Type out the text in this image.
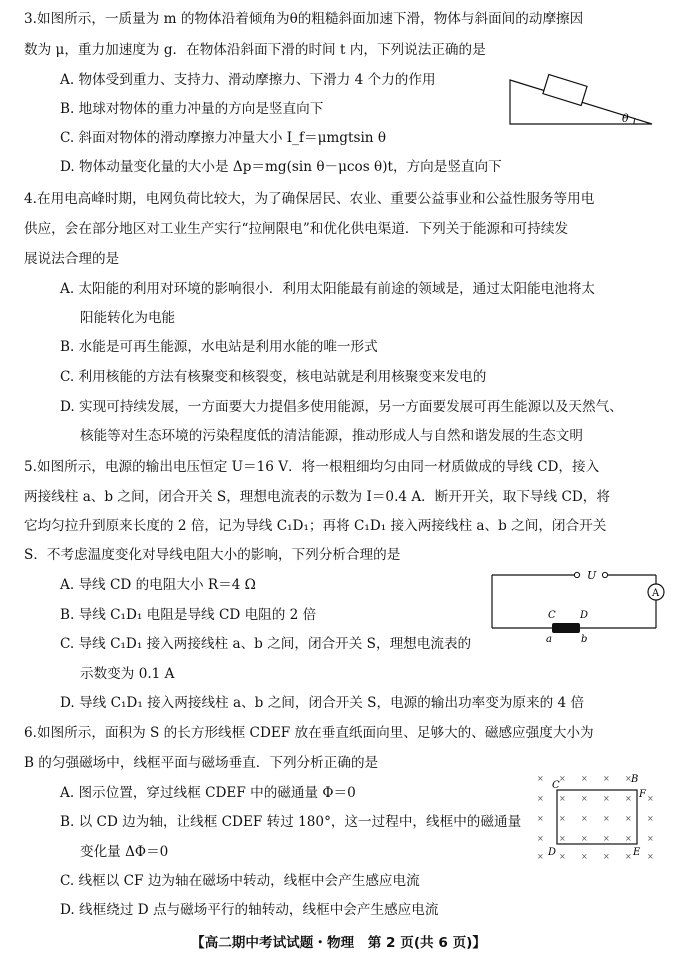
3.如图所示，一质量为 m 的物体沿着倾角为θ的粗糙斜面加速下滑，物体与斜面间的动摩擦因
数为 μ，重力加速度为 g．在物体沿斜面下滑的时间 t 内，下列说法正确的是
A. 物体受到重力、支持力、滑动摩擦力、下滑力 4 个力的作用
B. 地球对物体的重力冲量的方向是竖直向下
C. 斜面对物体的滑动摩擦力冲量大小 I_f＝μmgtsin θ
D. 物体动量变化量的大小是 Δp＝mg(sin θ－μcos θ)t，方向是竖直向下
θ
4.在用电高峰时期，电网负荷比较大，为了确保居民、农业、重要公益事业和公益性服务等用电
供应，会在部分地区对工业生产实行“拉闸限电”和优化供电渠道．下列关于能源和可持续发
展说法合理的是
A. 太阳能的利用对环境的影响很小．利用太阳能最有前途的领域是，通过太阳能电池将太
阳能转化为电能
B. 水能是可再生能源，水电站是利用水能的唯一形式
C. 利用核能的方法有核聚变和核裂变，核电站就是利用核聚变来发电的
D. 实现可持续发展，一方面要大力提倡多使用能源，另一方面要发展可再生能源以及天然气、
核能等对生态环境的污染程度低的清洁能源，推动形成人与自然和谐发展的生态文明
5.如图所示，电源的输出电压恒定 U＝16 V．将一根粗细均匀由同一材质做成的导线 CD，接入
两接线柱 a、b 之间，闭合开关 S，理想电流表的示数为 I＝0.4 A．断开开关，取下导线 CD，将
它均匀拉升到原来长度的 2 倍，记为导线 C₁D₁；再将 C₁D₁ 接入两接线柱 a、b 之间，闭合开关
S．不考虑温度变化对导线电阻大小的影响，下列分析合理的是
A. 导线 CD 的电阻大小 R＝4 Ω
B. 导线 C₁D₁ 电阻是导线 CD 电阻的 2 倍
C. 导线 C₁D₁ 接入两接线柱 a、b 之间，闭合开关 S，理想电流表的
示数变为 0.1 A
D. 导线 C₁D₁ 接入两接线柱 a、b 之间，闭合开关 S，电源的输出功率变为原来的 4 倍
U
A
C D
a	b
6.如图所示，面积为 S 的长方形线框 CDEF 放在垂直纸面向里、足够大的、磁感应强度大小为
B 的匀强磁场中，线框平面与磁场垂直．下列分析正确的是
A. 图示位置，穿过线框 CDEF 中的磁通量 Φ＝0
B. 以 CD 边为轴，让线框 CDEF 转过 180°，这一过程中，线框中的磁通量
变化量 ΔΦ＝0
C. 线框以 CF 边为轴在磁场中转动，线框中会产生感应电流
D. 线框绕过 D 点与磁场平行的轴转动，线框中会产生感应电流
C
B
F
D	E
× × × × ×
× × × × × ×
× × × × × ×
× × × × × ×
× × × × × ×
【高二期中考试试题・物理　第 2 页(共 6 页)】
